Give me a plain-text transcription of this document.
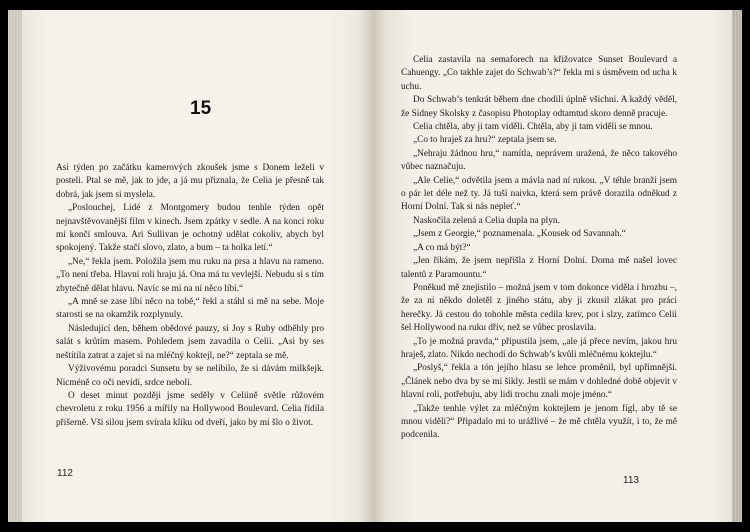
15

Asi týden po začátku kamerových zkoušek jsme s Donem leželi v posteli. Ptal se mě, jak to jde, a já mu přiznala, že Celia je přesně tak dobrá, jak jsem si myslela.

„Poslouchej, Lidé z Montgomery budou tenhle týden opět nejnavštěvovanější film v kinech. Jsem zpátky v sedle. A na konci roku mi končí smlouva. Ari Sullivan je ochotný udělat cokoliv, abych byl spokojený. Takže stačí slovo, zlato, a bum – ta holka letí.“

„Ne,“ řekla jsem. Položila jsem mu ruku na prsa a hlavu na rameno. „To není třeba. Hlavní roli hraju já. Ona má tu vevlejší. Nebudu si s tím zbytečně dělat hlavu. Navíc se mi na ní něco líbí.“

„A mně se zase líbí něco na tobě,“ řekl a stáhl si mě na sebe. Moje starosti se na okamžik rozplynuly.

Následující den, během obědové pauzy, si Joy s Ruby odběhly pro salát s krůtím masem. Pohledem jsem zavadila o Celii. „Asi by ses neštítila zatrat a zajet si na mléčný koktejl, ne?“ zeptala se mě.

Výživovému poradci Sunsetu by se nelíbilo, že si dávám milkšejk. Nicméně co oči nevidí, srdce nebolí.

O deset minut později jsme seděly v Celiině světle růžovém chevroletu z roku 1956 a mířily na Hollywood Boulevard. Celia řídila příšerně. Vší silou jsem svírala kliku od dveří, jako by mi šlo o život.

112

Celia zastavila na semaforech na křižovatce Sunset Boulevard a Cahuengy. „Co takhle zajet do Schwab’s?“ řekla mi s úsměvem od ucha k uchu.

Do Schwab’s tenkrát během dne chodili úplně všichni. A každý věděl, že Sidney Skolsky z časopisu Photoplay odtamtud skoro denně pracuje.

Celia chtěla, aby ji tam viděli. Chtěla, aby ji tam viděli se mnou.

„Co to hraješ za hru?“ zeptala jsem se.

„Nehraju žádnou hru,“ namítla, neprávem uražená, že něco takového vůbec naznačuju.

„Ale Celie,“ odvětila jsem a mávla nad ní rukou. „V téhle branži jsem o pár let déle než ty. Já tuší naivka, která sem právě dorazila odněkud z Horní Dolní. Tak si nás nepleť.“

Naskočila zelená a Celia dupla na plyn.

„Jsem z Georgie,“ poznamenala. „Kousek od Savannah.“

„A co má být?“

„Jen říkám, že jsem nepřišla z Horní Dolní. Doma mě našel lovec talentů z Paramountu.“

Poněkud mě znejistilo – možná jsem v tom dokonce viděla i hrozbu –, že za ní někdo doletěl z jiného státu, aby ji zkusil zlákat pro práci herečky. Já cestou do tohohle města cedila krev, pot i slzy, zatímco Celii šel Hollywood na ruku dřív, než se vůbec proslavila.

„To je možná pravda,“ připustila jsem, „ale já přece nevím, jakou hru hraješ, zlato. Nikdo nechodí do Schwab’s kvůli mléčnému koktejlu.“

„Poslyš,“ řekla a tón jejího hlasu se lehce proměnil, byl upřímnější. „Článek nebo dva by se mi šikly. Jestli se mám v dohledné době objevit v hlavní roli, potřebuju, aby lidi trochu znali moje jméno.“

„Takže tenhle výlet za mléčným koktejlem je jenom fígl, aby tě se mnou viděli?“ Připadalo mi to urážlivé – že mě chtěla využít, i to, že mě podcenila.

113
